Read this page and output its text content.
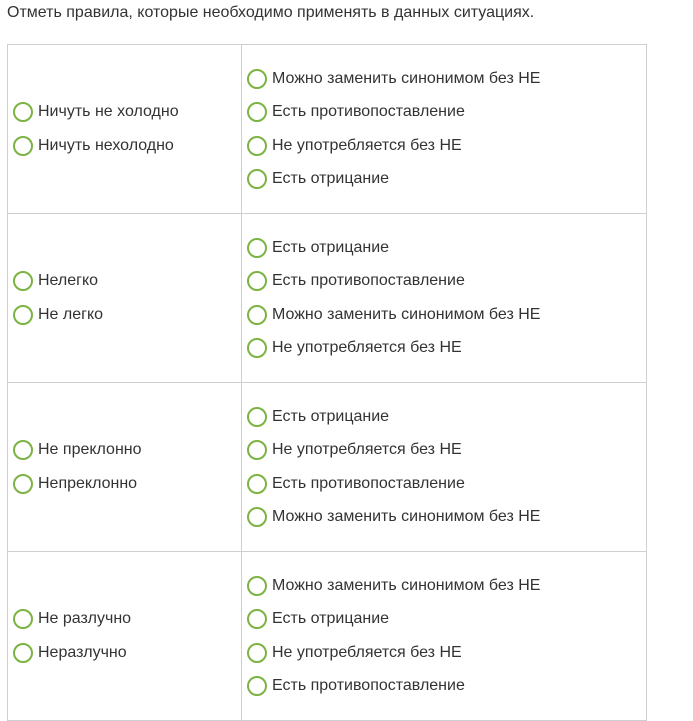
Отметь правила, которые необходимо применять в данных ситуациях.
Ничуть не холодно
Ничуть нехолодно	Можно заменить синонимом без НЕ
Есть противопоставление
Не употребляется без НЕ
Есть отрицание

Нелегко
Не легко	Есть отрицание
Есть противопоставление
Можно заменить синонимом без НЕ
Не употребляется без НЕ

Не преклонно
Непреклонно	Есть отрицание
Не употребляется без НЕ
Есть противопоставление
Можно заменить синонимом без НЕ

Не разлучно
Неразлучно	Можно заменить синонимом без НЕ
Есть отрицание
Не употребляется без НЕ
Есть противопоставление
